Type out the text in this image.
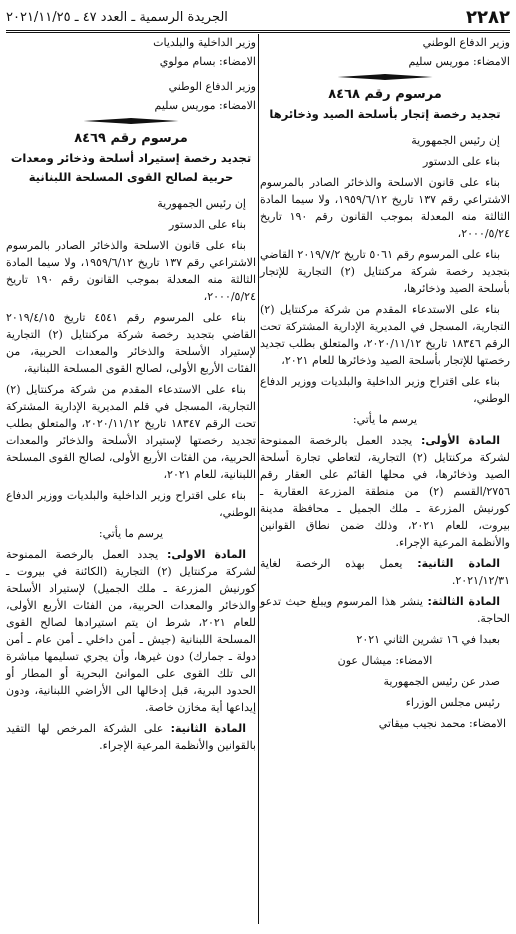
٢٢٨٢
الجريدة الرسمية ـ العدد ٤٧ ـ ٢٠٢١/١١/٢٥

وزير الدفاع الوطني

الامضاء: موريس سليم

مرسوم رقم ٨٤٦٨

تجديد رخصة إتجار بأسلحة الصيد وذخائرها

إن رئيس الجمهورية

بناء على الدستور

بناء على قانون الاسلحة والذخائر الصادر بالمرسوم الاشتراعي رقم ١٣٧ تاريخ ١٩٥٩/٦/١٢، ولا سيما المادة الثالثة منه المعدلة بموجب القانون رقم ١٩٠ تاريخ ٢٠٠٠/٥/٢٤،

بناء على المرسوم رقم ٥٠٦١ تاريخ ٢٠١٩/٧/٢ القاضي بتجديد رخصة شركة مركنتايل (٢) التجارية للإتجار بأسلحة الصيد وذخائرها،

بناء على الاستدعاء المقدم من شركة مركنتايل (٢) التجارية، المسجل في المديرية الإدارية المشتركة تحت الرقم ١٨٣٤٦ تاريخ ٢٠٢٠/١١/١٢، والمتعلق بطلب تجديد رخصتها للإتجار بأسلحة الصيد وذخائرها للعام ٢٠٢١،

بناء على اقتراح وزير الداخلية والبلديات ووزير الدفاع الوطني،

يرسم ما يأتي:

المادة الأولى: يجدد العمل بالرخصة الممنوحة لشركة مركنتايل (٢) التجارية، لتعاطي تجارة أسلحة الصيد وذخائرها، في محلها القائم على العقار رقم ٢٧٥٦/القسم (٢) من منطقة المزرعة العقارية ـ كورنيش المزرعة ـ ملك الجميل ـ محافظة مدينة بيروت، للعام ٢٠٢١، وذلك ضمن نطاق القوانين والأنظمة المرعية الإجراء.

المادة الثانية: يعمل بهذه الرخصة لغاية ٢٠٢١/١٢/٣١.

المادة الثالثة: ينشر هذا المرسوم ويبلغ حيث تدعو الحاجة.

بعبدا في ١٦ تشرين الثاني ٢٠٢١

الامضاء: ميشال عون

صدر عن رئيس الجمهورية

رئيس مجلس الوزراء

الامضاء: محمد نجيب ميقاتي

وزير الداخلية والبلديات

الامضاء: بسام مولوي

وزير الدفاع الوطني

الامضاء: موريس سليم

مرسوم رقم ٨٤٦٩

تجديد رخصة إستيراد أسلحة وذخائر ومعدات

حربية لصالح القوى المسلحة اللبنانية

إن رئيس الجمهورية

بناء على الدستور

بناء على قانون الاسلحة والذخائر الصادر بالمرسوم الاشتراعي رقم ١٣٧ تاريخ ١٩٥٩/٦/١٢، ولا سيما المادة الثالثة منه المعدلة بموجب القانون رقم ١٩٠ تاريخ ٢٠٠٠/٥/٢٤،

بناء على المرسوم رقم ٤٥٤١ تاريخ ٢٠١٩/٤/١٥ القاضي بتجديد رخصة شركة مركنتايل (٢) التجارية لإستيراد الأسلحة والذخائر والمعدات الحربية، من الفئات الأربع الأولى، لصالح القوى المسلحة اللبنانية،

بناء على الاستدعاء المقدم من شركة مركنتايل (٢) التجارية، المسجل في قلم المديرية الإدارية المشتركة تحت الرقم ١٨٣٤٧ تاريخ ٢٠٢٠/١١/١٢، والمتعلق بطلب تجديد رخصتها لإستيراد الأسلحة والذخائر والمعدات الحربية، من الفئات الأربع الأولى، لصالح القوى المسلحة اللبنانية، للعام ٢٠٢١،

بناء على اقتراح وزير الداخلية والبلديات ووزير الدفاع الوطني،

يرسم ما يأتي:

المادة الاولى: يجدد العمل بالرخصة الممنوحة لشركة مركنتايل (٢) التجارية (الكائنة في بيروت ـ كورنيش المزرعة ـ ملك الجميل) لإستيراد الأسلحة والذخائر والمعدات الحربية، من الفئات الأربع الأولى، للعام ٢٠٢١، شرط ان يتم استيرادها لصالح القوى المسلحة اللبنانية (جيش ـ أمن داخلي ـ أمن عام ـ أمن دولة ـ جمارك) دون غيرها، وأن يجري تسليمها مباشرة الى تلك القوى على الموانئ البحرية أو المطار أو الحدود البرية، قبل إدخالها الى الأراضي اللبنانية، ودون إيداعها أية مخازن خاصة.

المادة الثانية: على الشركة المرخص لها التقيد بالقوانين والأنظمة المرعية الإجراء.
